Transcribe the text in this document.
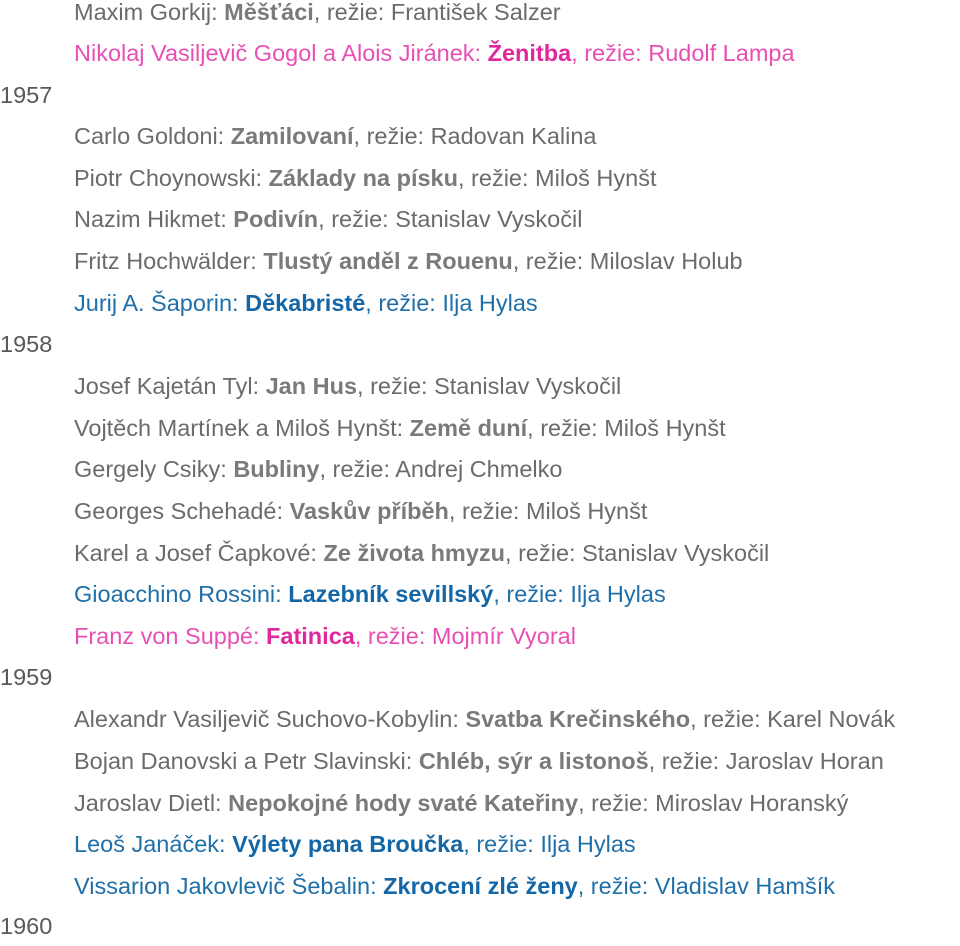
Maxim Gorkij: Měšťáci, režie: František Salzer
Nikolaj Vasiljevič Gogol a Alois Jiránek: Ženitba, režie: Rudolf Lampa
1957
Carlo Goldoni: Zamilovaní, režie: Radovan Kalina
Piotr Choynowski: Základy na písku, režie: Miloš Hynšt
Nazim Hikmet: Podivín, režie: Stanislav Vyskočil
Fritz Hochwälder: Tlustý anděl z Rouenu, režie: Miloslav Holub
Jurij A. Šaporin: Děkabristé, režie: Ilja Hylas
1958
Josef Kajetán Tyl: Jan Hus, režie: Stanislav Vyskočil
Vojtěch Martínek a Miloš Hynšt: Země duní, režie: Miloš Hynšt
Gergely Csiky: Bubliny, režie: Andrej Chmelko
Georges Schehadé: Vaskův příběh, režie: Miloš Hynšt
Karel a Josef Čapkové: Ze života hmyzu, režie: Stanislav Vyskočil
Gioacchino Rossini: Lazebník sevillský, režie: Ilja Hylas
Franz von Suppé: Fatinica, režie: Mojmír Vyoral
1959
Alexandr Vasiljevič Suchovo-Kobylin: Svatba Krečinského, režie: Karel Novák
Bojan Danovski a Petr Slavinski: Chléb, sýr a listonoš, režie: Jaroslav Horan
Jaroslav Dietl: Nepokojné hody svaté Kateřiny, režie: Miroslav Horanský
Leoš Janáček: Výlety pana Broučka, režie: Ilja Hylas
Vissarion Jakovlevič Šebalin: Zkrocení zlé ženy, režie: Vladislav Hamšík
1960
